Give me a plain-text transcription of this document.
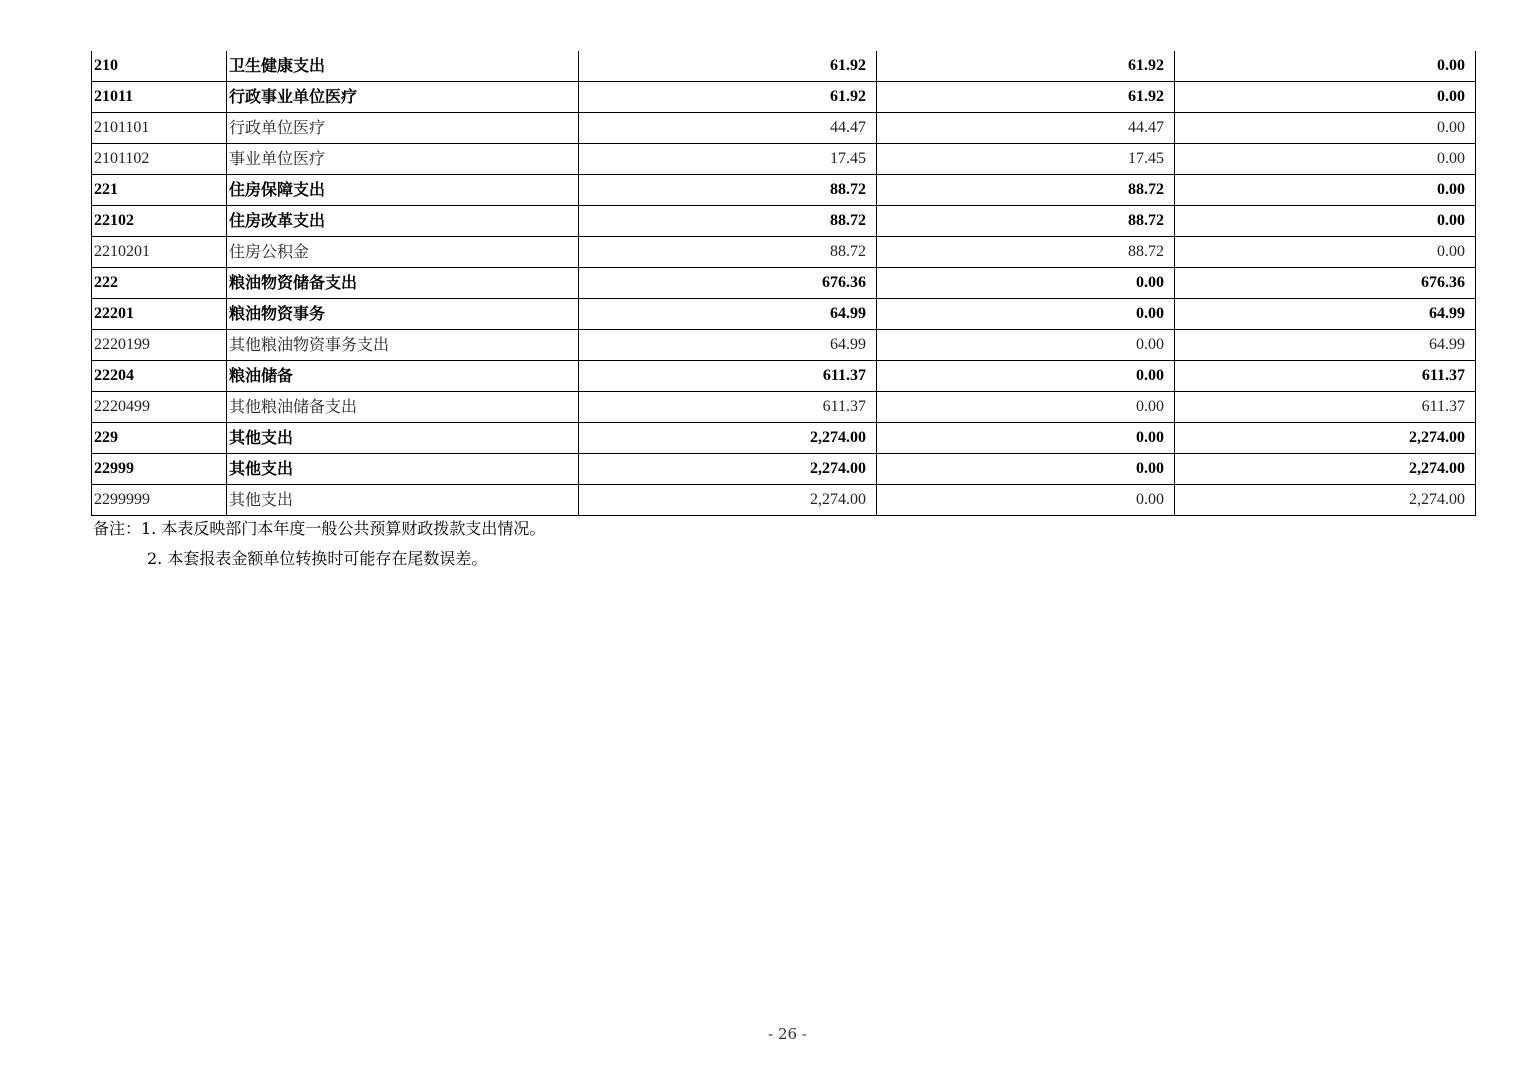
210	卫生健康支出	61.92	61.92	0.00
21011	行政事业单位医疗	61.92	61.92	0.00
2101101	行政单位医疗	44.47	44.47	0.00
2101102	事业单位医疗	17.45	17.45	0.00
221	住房保障支出	88.72	88.72	0.00
22102	住房改革支出	88.72	88.72	0.00
2210201	住房公积金	88.72	88.72	0.00
222	粮油物资储备支出	676.36	0.00	676.36
22201	粮油物资事务	64.99	0.00	64.99
2220199	其他粮油物资事务支出	64.99	0.00	64.99
22204	粮油储备	611.37	0.00	611.37
2220499	其他粮油储备支出	611.37	0.00	611.37
229	其他支出	2,274.00	0.00	2,274.00
22999	其他支出	2,274.00	0.00	2,274.00
2299999	其他支出	2,274.00	0.00	2,274.00
备注：1. 本表反映部门本年度一般公共预算财政拨款支出情况。
2. 本套报表金额单位转换时可能存在尾数误差。
- 26 -
